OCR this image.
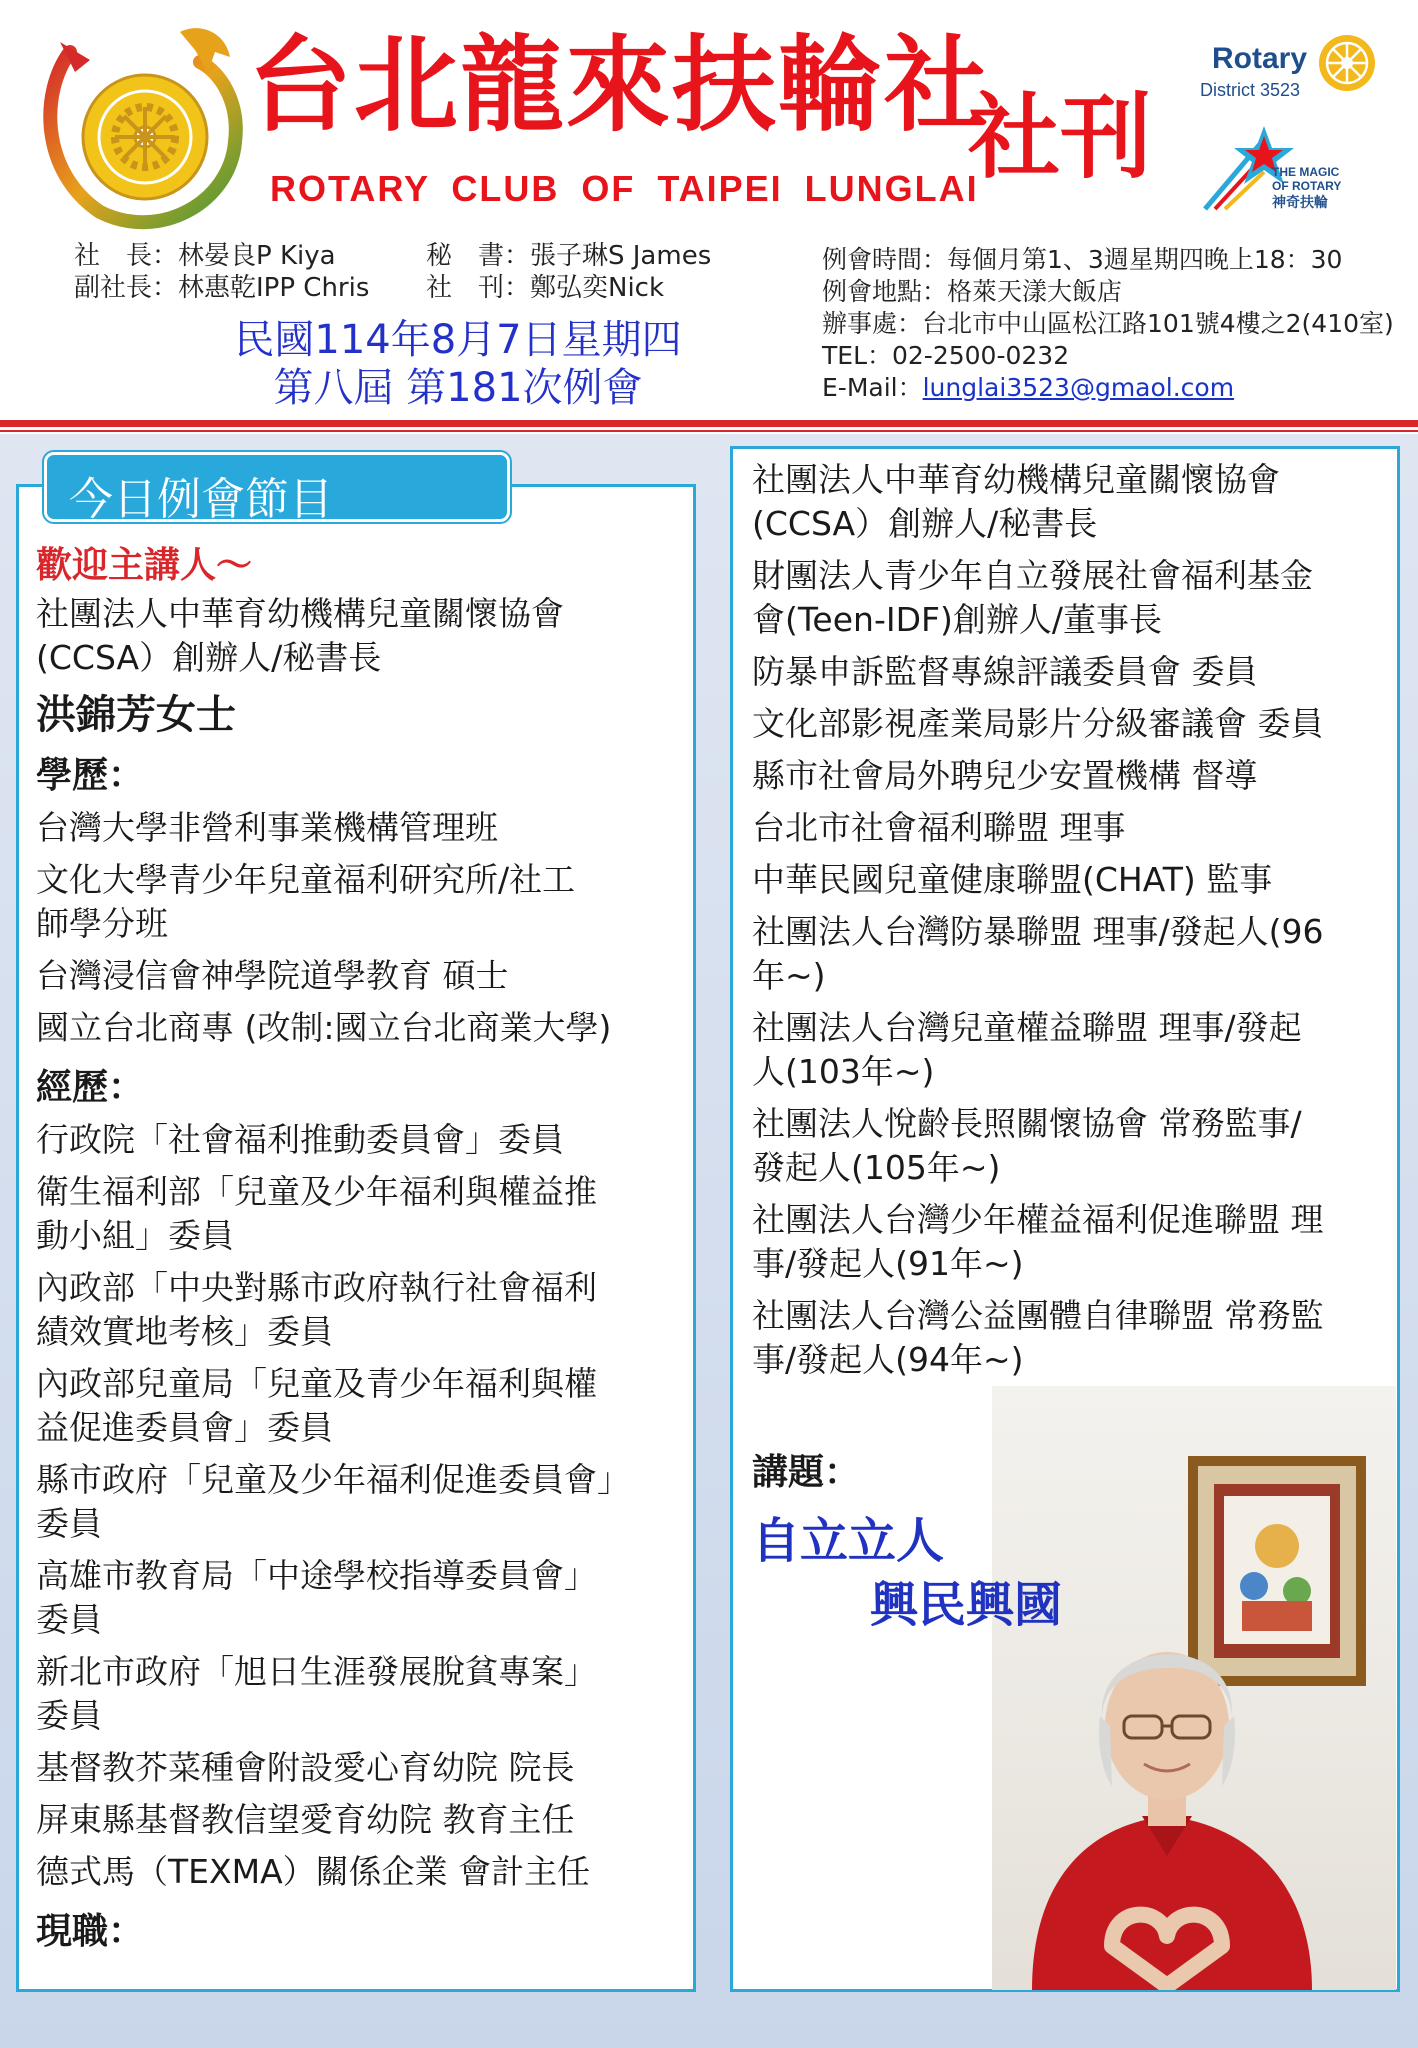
台北龍來扶輪社
社刊
ROTARY CLUB OF TAIPEI LUNGLAI
Rotary
District 3523
THE MAGIC
OF ROTARY
神奇扶輪
社　長：林晏良P Kiya	秘　書：張子琳S James
副社長：林惠乾IPP Chris 社　刊：鄭弘奕Nick
民國114年8月7日星期四
第八屆 第181次例會
例會時間：每個月第1、3週星期四晚上18：30
例會地點：格萊天漾大飯店
辦事處：台北市中山區松江路101號4樓之2(410室)
TEL：02-2500-0232
E-Mail：lunglai3523@gmaol.com
今日例會節目
歡迎主講人～
社團法人中華育幼機構兒童關懷協會
(CCSA）創辦人/秘書長
洪錦芳女士
學歷：
台灣大學非營利事業機構管理班
文化大學青少年兒童福利研究所/社工
師學分班
台灣浸信會神學院道學教育 碩士
國立台北商專 (改制:國立台北商業大學)
經歷：
行政院「社會福利推動委員會」委員
衛生福利部「兒童及少年福利與權益推
動小組」委員
內政部「中央對縣市政府執行社會福利
績效實地考核」委員
內政部兒童局「兒童及青少年福利與權
益促進委員會」委員
縣市政府「兒童及少年福利促進委員會」
委員
高雄市教育局「中途學校指導委員會」
委員
新北市政府「旭日生涯發展脫貧專案」
委員
基督教芥菜種會附設愛心育幼院 院長
屏東縣基督教信望愛育幼院 教育主任
德式馬（TEXMA）關係企業 會計主任
現職：
社團法人中華育幼機構兒童關懷協會
(CCSA）創辦人/秘書長
財團法人青少年自立發展社會福利基金
會(Teen-IDF)創辦人/董事長
防暴申訴監督專線評議委員會 委員
文化部影視產業局影片分級審議會 委員
縣市社會局外聘兒少安置機構 督導
台北市社會福利聯盟 理事
中華民國兒童健康聯盟(CHAT) 監事
社團法人台灣防暴聯盟 理事/發起人(96
年~)
社團法人台灣兒童權益聯盟 理事/發起
人(103年~)
社團法人悅齡長照關懷協會 常務監事/
發起人(105年~)
社團法人台灣少年權益福利促進聯盟 理
事/發起人(91年~)
社團法人台灣公益團體自律聯盟 常務監
事/發起人(94年~)
講題：
自立立人
興民興國
